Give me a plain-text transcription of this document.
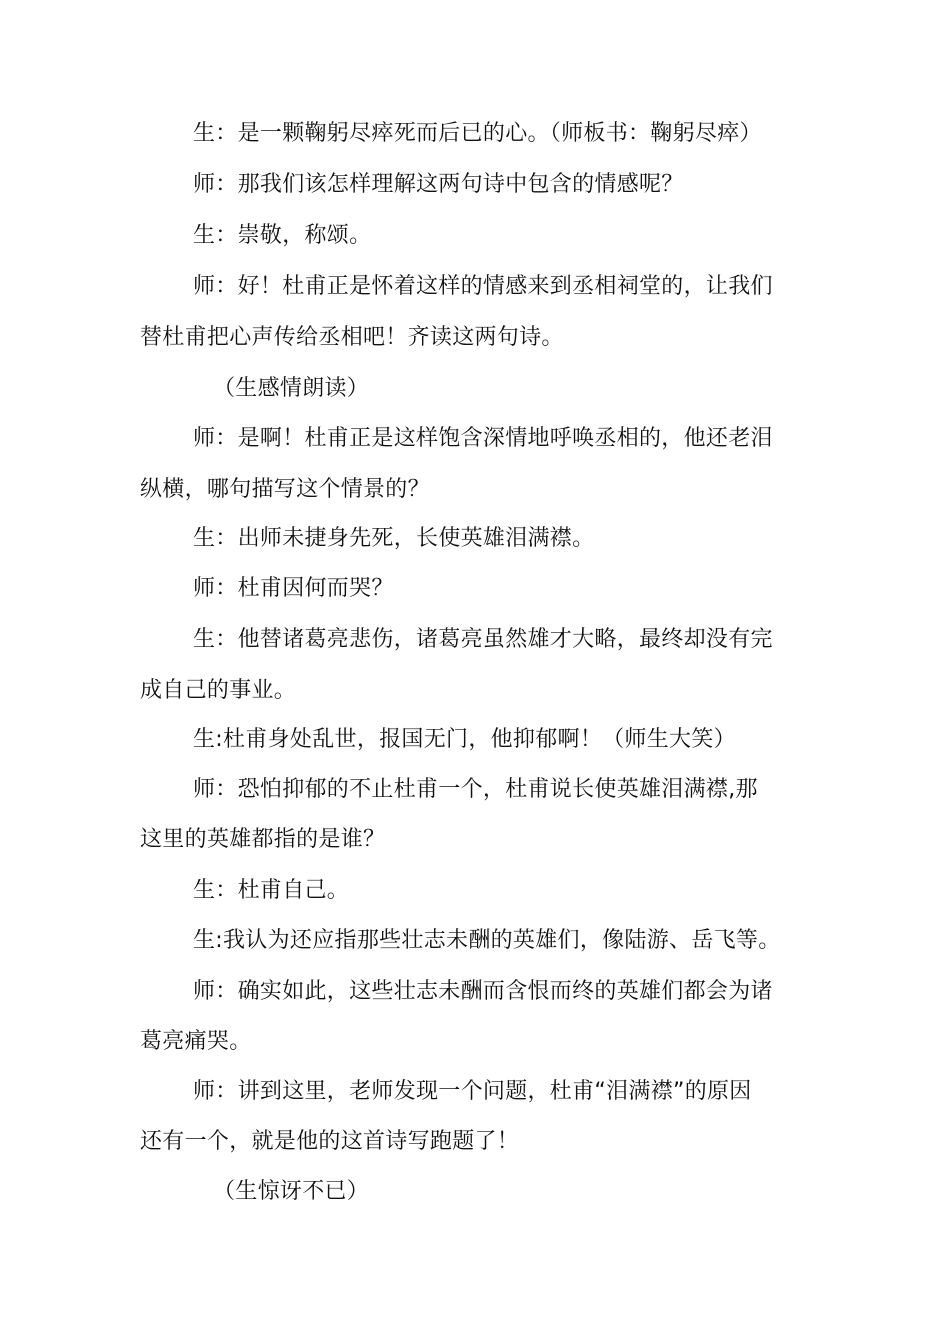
生：是一颗鞠躬尽瘁死而后已的心。（师板书：鞠躬尽瘁）
师：那我们该怎样理解这两句诗中包含的情感呢？
生：崇敬，称颂。
师：好！杜甫正是怀着这样的情感来到丞相祠堂的，让我们
替杜甫把心声传给丞相吧！齐读这两句诗。
（生感情朗读）
师：是啊！杜甫正是这样饱含深情地呼唤丞相的，他还老泪
纵横，哪句描写这个情景的？
生：出师未捷身先死，长使英雄泪满襟。
师：杜甫因何而哭？
生：他替诸葛亮悲伤，诸葛亮虽然雄才大略，最终却没有完
成自己的事业。
生:杜甫身处乱世，报国无门，他抑郁啊！（师生大笑）
师：恐怕抑郁的不止杜甫一个，杜甫说长使英雄泪满襟,那
这里的英雄都指的是谁？
生：杜甫自己。
生:我认为还应指那些壮志未酬的英雄们，像陆游、岳飞等。
师：确实如此，这些壮志未酬而含恨而终的英雄们都会为诸
葛亮痛哭。
师：讲到这里，老师发现一个问题，杜甫“泪满襟”的原因
还有一个，就是他的这首诗写跑题了！
（生惊讶不已）
